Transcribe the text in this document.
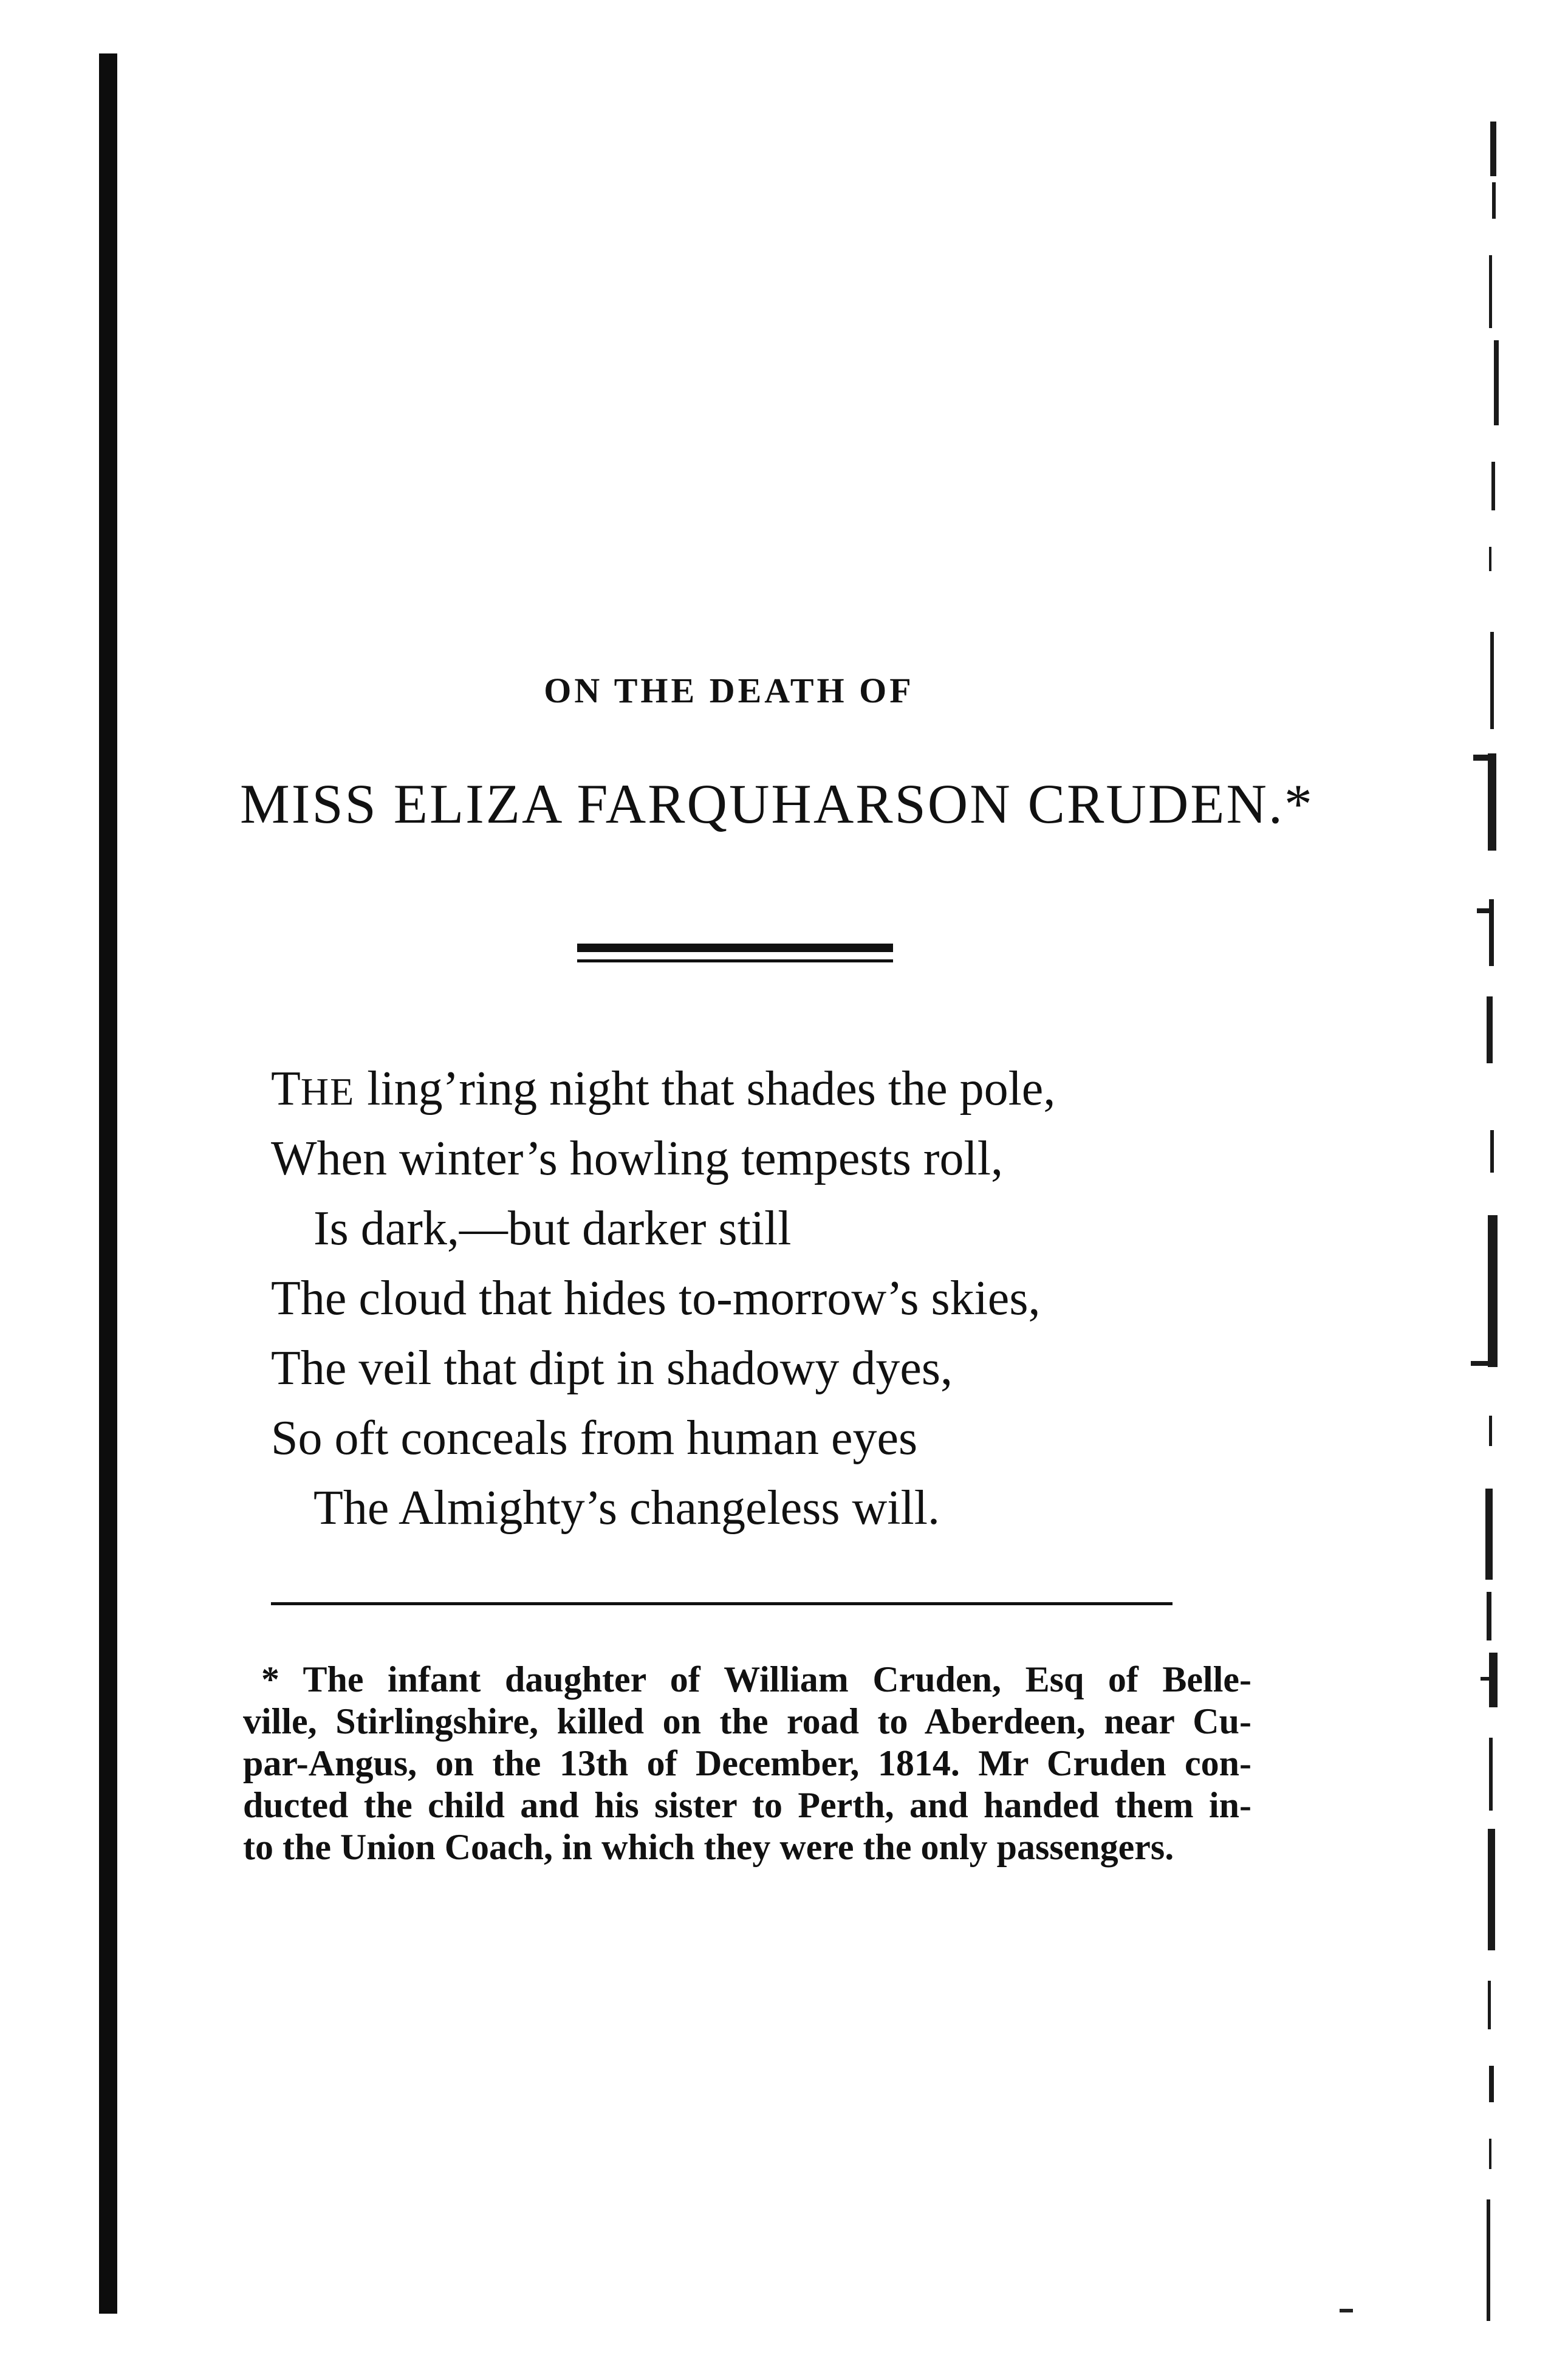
ON THE DEATH OF
MISS ELIZA FARQUHARSON CRUDEN.*
THE ling’ring night that shades the pole,
When winter’s howling tempests roll,
Is dark,—but darker still
The cloud that hides to-morrow’s skies,
The veil that dipt in shadowy dyes,
So oft conceals from human eyes
The Almighty’s changeless will.
* The infant daughter of William Cruden, Esq of Belle-
ville, Stirlingshire, killed on the road to Aberdeen, near Cu-
par-Angus, on the 13th of December, 1814. Mr Cruden con-
ducted the child and his sister to Perth, and handed them in-
to the Union Coach, in which they were the only passengers.
